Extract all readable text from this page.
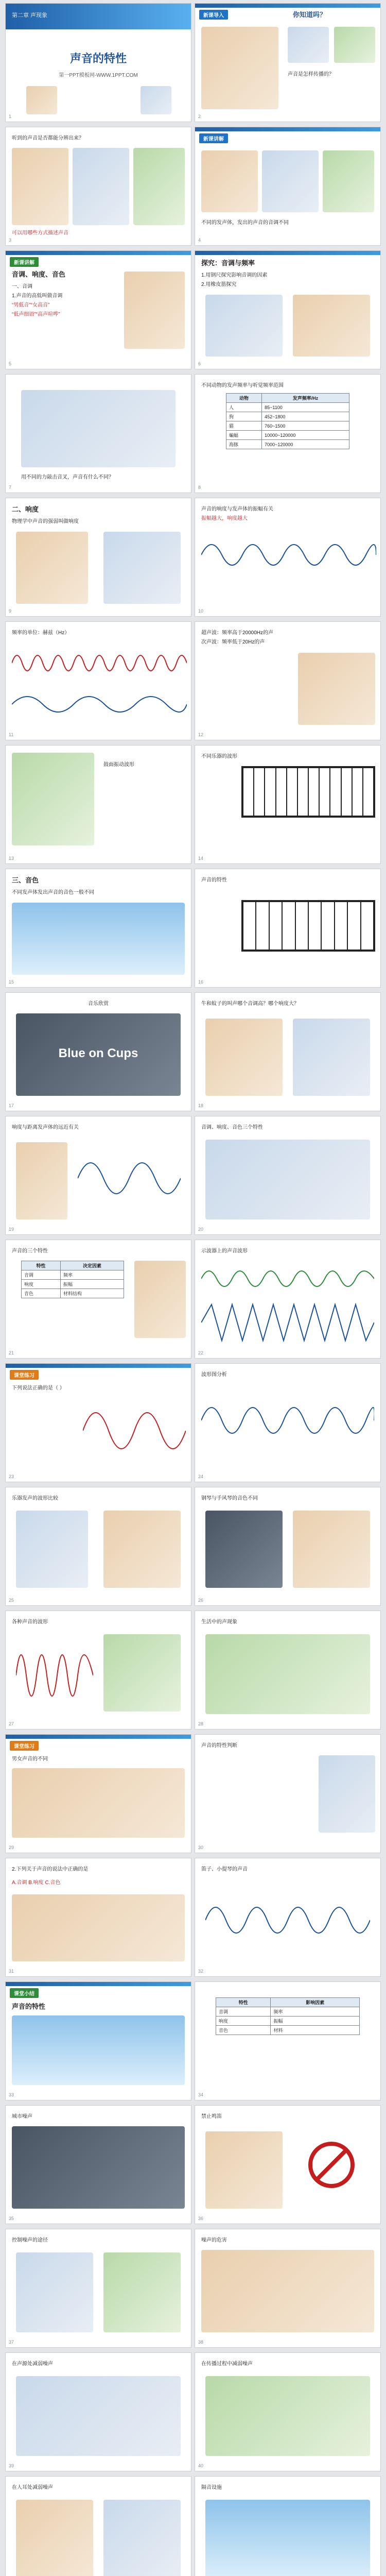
第二章 声现象
声音的特性
第一PPT模板网-WWW.1PPT.COM
1
新课导入	你知道吗？
声音是怎样传播的？
2
听到的声音是否都能分辨出来？
可以用哪些方式描述声音
3
新课讲解
不同的发声体，发出的声音的音调不同
4
新课讲解
音调、响度、音色
一、音调
1.声音的高低叫做音调
“男低音”“女高音”
“低声细语”“高声喧哗”
5
探究：音调与频率
1.用钢尺探究影响音调的因素
2.用橡皮筋探究
6
用不同的力敲击音叉，声音有什么不同？
7
不同动物的发声频率与听觉频率范围
动物	发声频率/Hz
人	85~1100
狗	452~1800
猫	760~1500
蝙蝠	10000~120000
海豚	7000~120000
8
二、响度
物理学中声音的强弱叫做响度
9
声音的响度与发声体的振幅有关
振幅越大，响度越大
10
频率的单位：赫兹（Hz）
11
超声波：频率高于20000Hz的声
次声波：频率低于20Hz的声
12
鼓面振动波形
13
不同乐器的波形
14
三、音色
不同发声体发出声音的音色一般不同
15
声音的特性
16
音乐欣赏
Blue on Cups
17
牛和蚊子的叫声哪个音调高？哪个响度大？
18
响度与距离发声体的远近有关
19
音调、响度、音色三个特性
20
声音的三个特性
特性	决定因素
音调	频率
响度	振幅
音色	材料结构
21
示波器上的声音波形
22
课堂练习
下列说法正确的是（ ）
23
波形图分析
24
乐器发声的波形比较
25
钢琴与手风琴的音色不同
26
各种声音的波形
27
生活中的声现象
28
课堂练习
男女声音的不同
29
声音的特性判断
30
2.下列关于声音的说法中正确的是
A.音调 B.响度 C.音色
31
笛子、小提琴的声音
32
课堂小结
声音的特性
33
特性	影响因素
音调	频率
响度	振幅
音色	材料
34
城市噪声
35
禁止鸣笛
36
控制噪声的途径
37
噪声的危害
38
在声源处减弱噪声
39
在传播过程中减弱噪声
40
在人耳处减弱噪声	隔音设施
